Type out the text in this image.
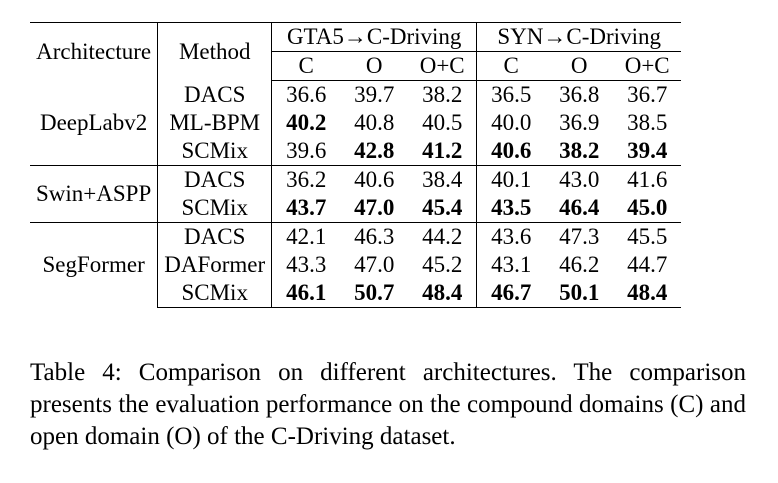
Architecture	Method	GTA5→C-Driving			SYN→C-Driving		
		C	O	O+C	C	O	O+C
DeepLabv2	DACS	36.6	39.7	38.2	36.5	36.8	36.7
	ML-BPM	40.2	40.8	40.5	40.0	36.9	38.5
	SCMix	39.6	42.8	41.2	40.6	38.2	39.4
Swin+ASPP	DACS	36.2	40.6	38.4	40.1	43.0	41.6
	SCMix	43.7	47.0	45.4	43.5	46.4	45.0
SegFormer	DACS	42.1	46.3	44.2	43.6	47.3	45.5
	DAFormer	43.3	47.0	45.2	43.1	46.2	44.7
	SCMix	46.1	50.7	48.4	46.7	50.1	48.4
Table 4: Comparison on different architectures. The comparison presents the evaluation performance on the compound domains (C) and open domain (O) of the C-Driving dataset.
